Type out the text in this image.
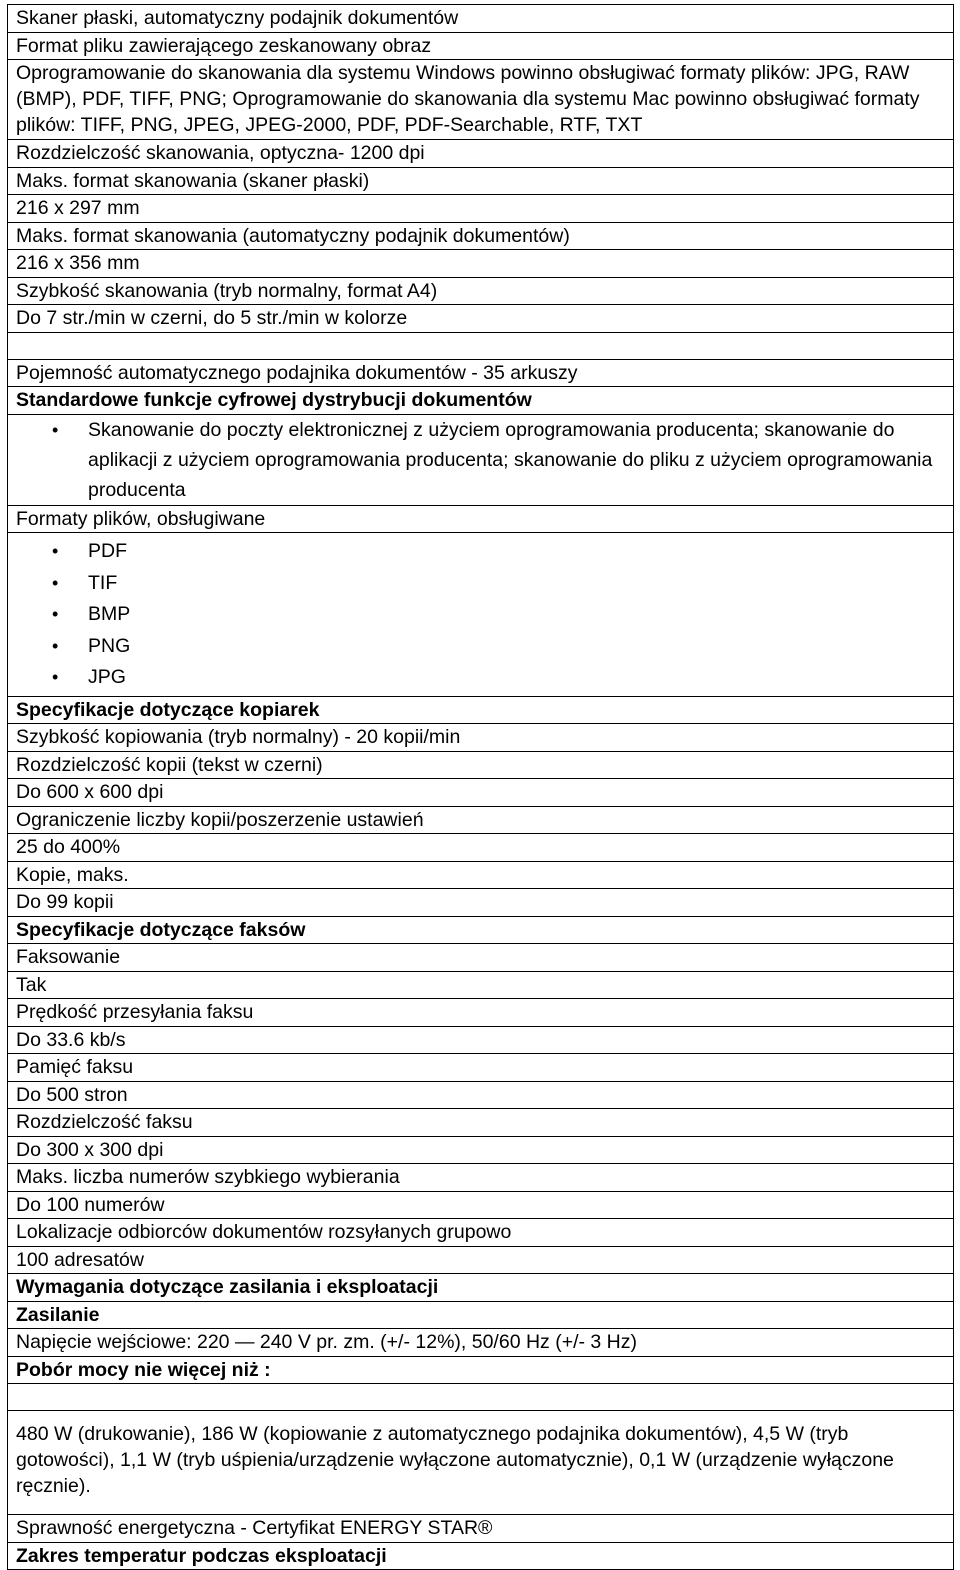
Skaner płaski, automatyczny podajnik dokumentów
Format pliku zawierającego zeskanowany obraz
Oprogramowanie do skanowania dla systemu Windows powinno obsługiwać formaty plików: JPG, RAW (BMP), PDF, TIFF, PNG; Oprogramowanie do skanowania dla systemu Mac powinno obsługiwać formaty plików: TIFF, PNG, JPEG, JPEG-2000, PDF, PDF-Searchable, RTF, TXT
Rozdzielczość skanowania, optyczna- 1200 dpi
Maks. format skanowania (skaner płaski)
216 x 297 mm
Maks. format skanowania (automatyczny podajnik dokumentów)
216 x 356 mm
Szybkość skanowania (tryb normalny, format A4)
Do 7 str./min w czerni, do 5 str./min w kolorze
Pojemność automatycznego podajnika dokumentów - 35 arkuszy
Standardowe funkcje cyfrowej dystrybucji dokumentów
• Skanowanie do poczty elektronicznej z użyciem oprogramowania producenta; skanowanie do aplikacji z użyciem oprogramowania producenta; skanowanie do pliku z użyciem oprogramowania producenta
Formaty plików, obsługiwane
• PDF
• TIF
• BMP
• PNG
• JPG
Specyfikacje dotyczące kopiarek
Szybkość kopiowania (tryb normalny) - 20 kopii/min
Rozdzielczość kopii (tekst w czerni)
Do 600 x 600 dpi
Ograniczenie liczby kopii/poszerzenie ustawień
25 do 400%
Kopie, maks.
Do 99 kopii
Specyfikacje dotyczące faksów
Faksowanie
Tak
Prędkość przesyłania faksu
Do 33.6 kb/s
Pamięć faksu
Do 500 stron
Rozdzielczość faksu
Do 300 x 300 dpi
Maks. liczba numerów szybkiego wybierania
Do 100 numerów
Lokalizacje odbiorców dokumentów rozsyłanych grupowo
100 adresatów
Wymagania dotyczące zasilania i eksploatacji
Zasilanie
Napięcie wejściowe: 220 — 240 V pr. zm. (+/- 12%), 50/60 Hz (+/- 3 Hz)
Pobór mocy nie więcej niż :
480 W (drukowanie), 186 W (kopiowanie z automatycznego podajnika dokumentów), 4,5 W (tryb gotowości), 1,1 W (tryb uśpienia/urządzenie wyłączone automatycznie), 0,1 W (urządzenie wyłączone ręcznie).
Sprawność energetyczna - Certyfikat ENERGY STAR®
Zakres temperatur podczas eksploatacji
